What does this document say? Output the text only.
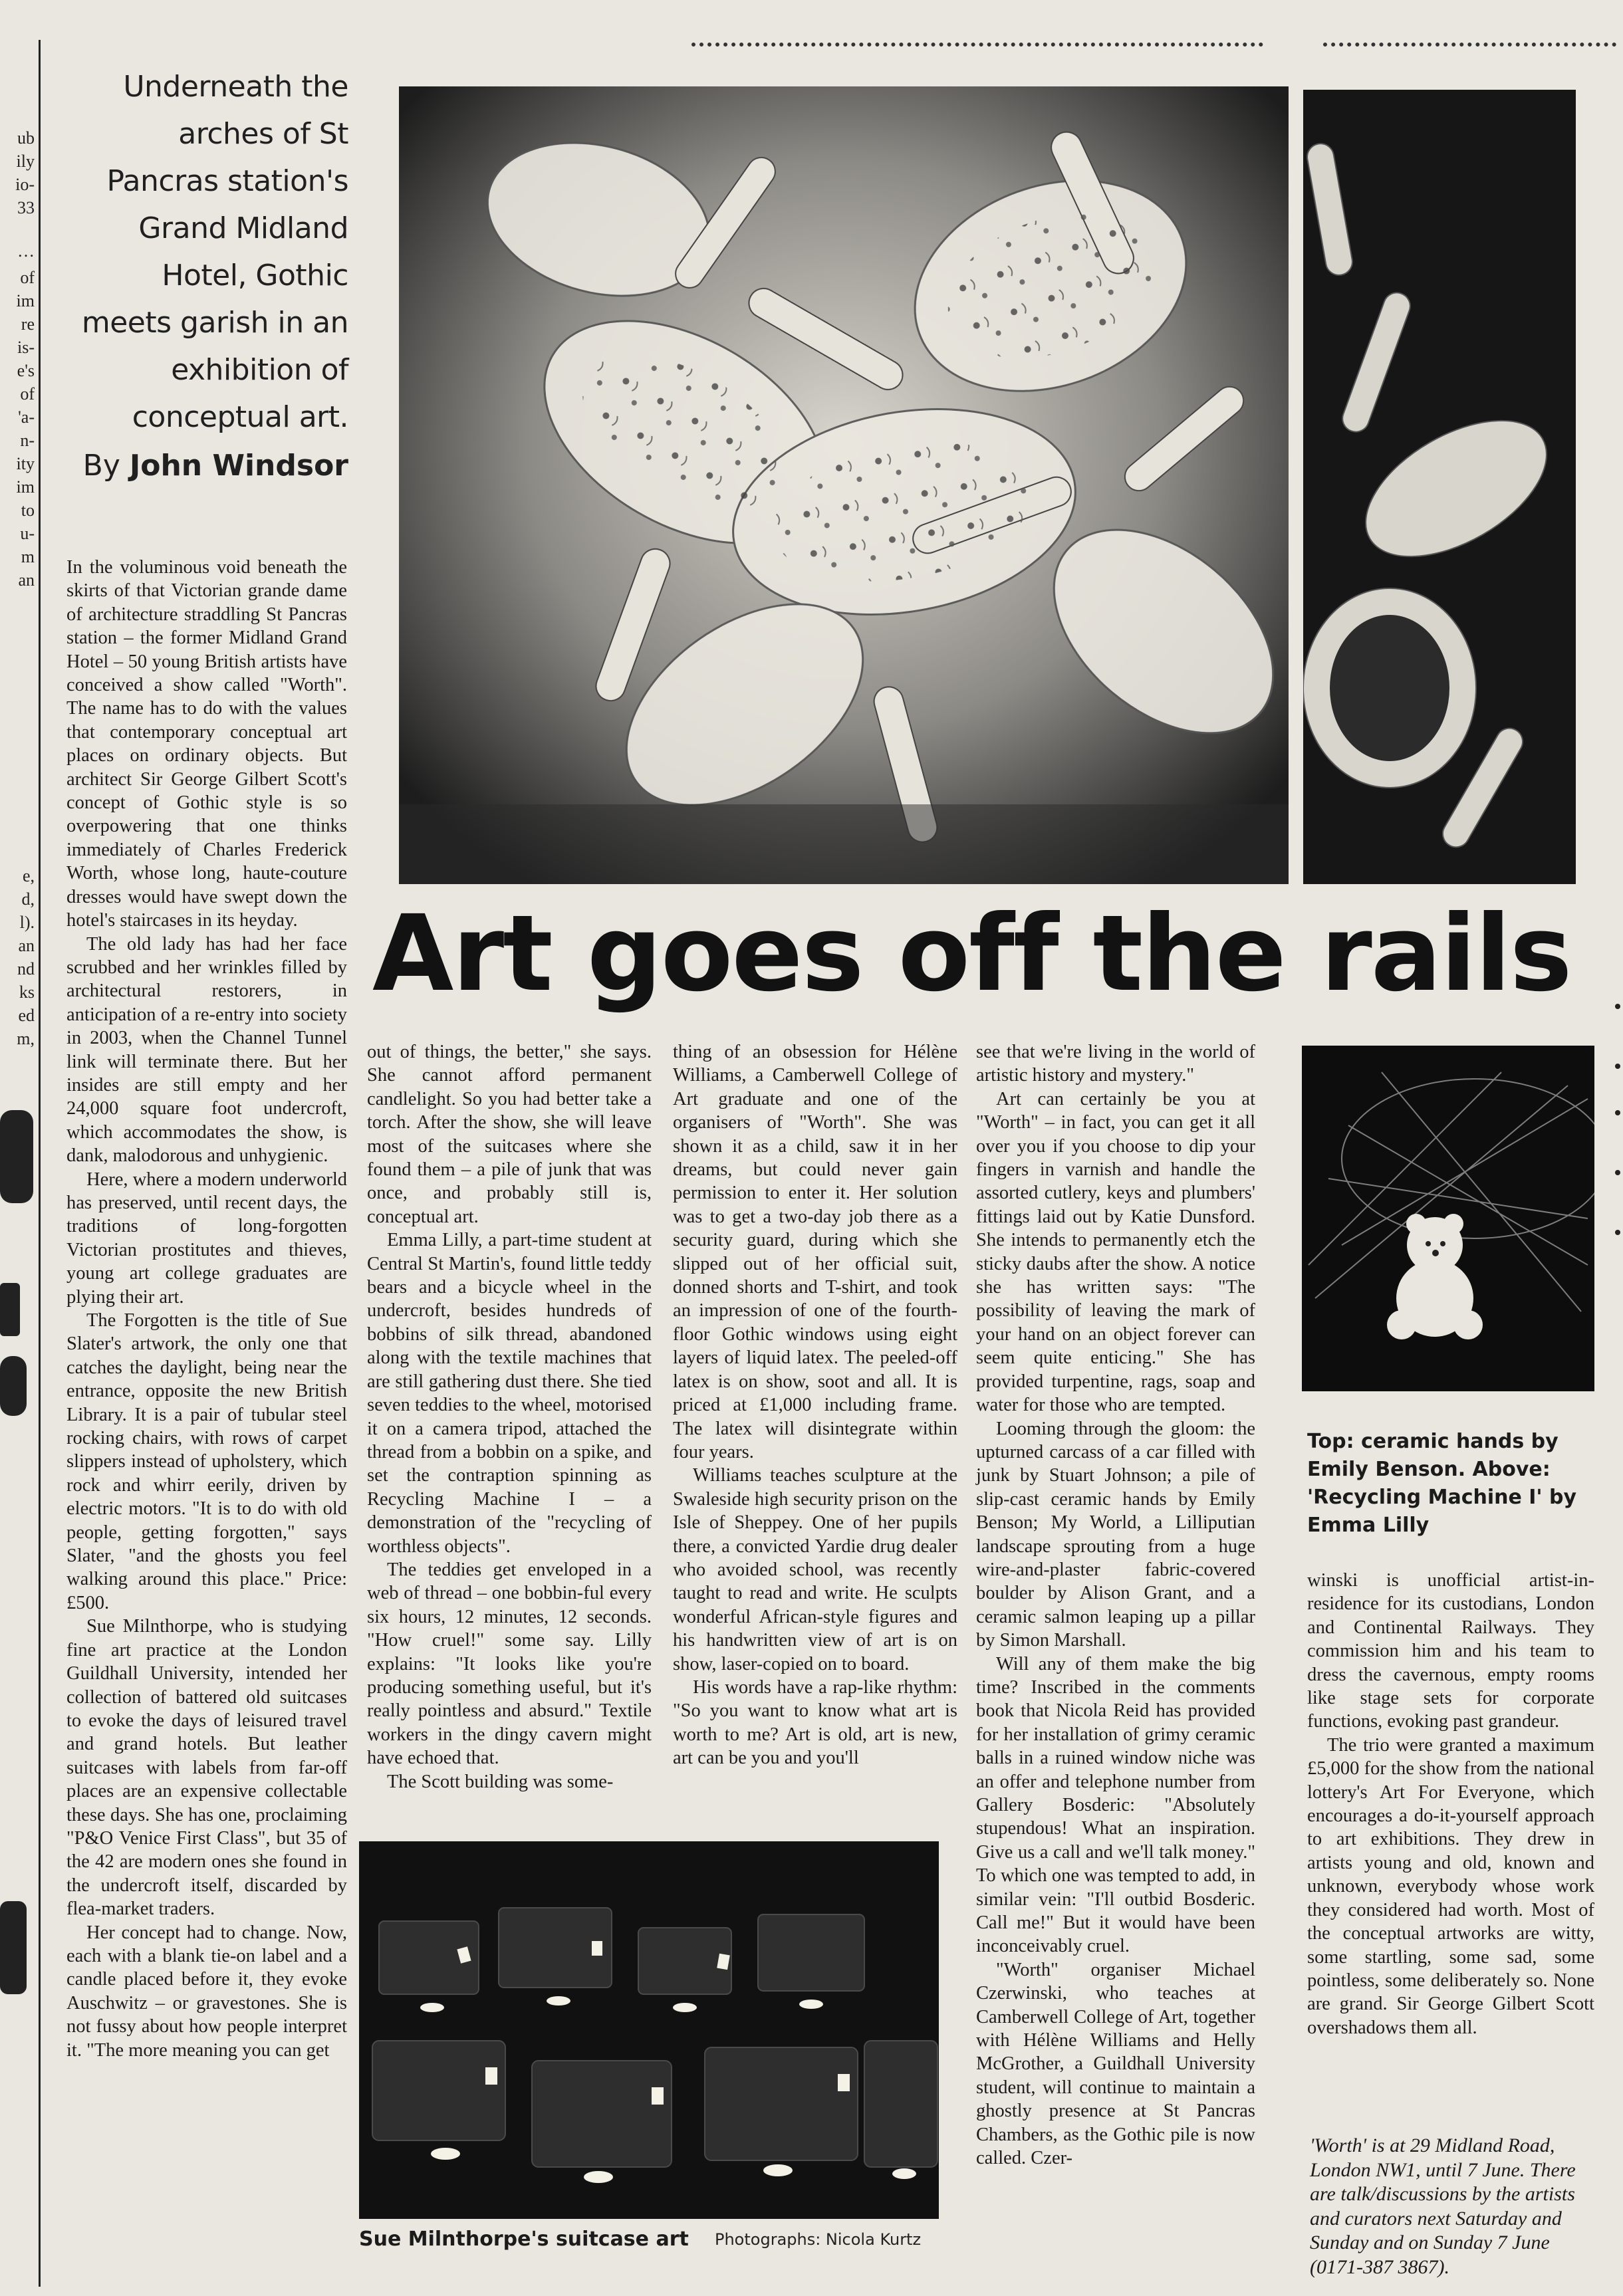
ub
ily
io-
33
…
of
im
re
is-
e's
of
'a-
n-
ity
im
to
u-
m
an
e,
d,
l).
an
nd
ks
ed
m,
Underneath the arches of St Pancras station's Grand Midland Hotel, Gothic meets garish in an exhibition of conceptual art.
By John Windsor
Art goes off the rails

In the voluminous void beneath the skirts of that Victorian grande dame of architecture straddling St Pancras station – the former Midland Grand Hotel – 50 young British artists have conceived a show called "Worth". The name has to do with the values that contemporary conceptual art places on ordinary objects. But architect Sir George Gilbert Scott's concept of Gothic style is so overpowering that one thinks immediately of Charles Frederick Worth, whose long, haute-couture dresses would have swept down the hotel's staircases in its heyday.

The old lady has had her face scrubbed and her wrinkles filled by architectural restorers, in anticipation of a re-entry into society in 2003, when the Channel Tunnel link will terminate there. But her insides are still empty and her 24,000 square foot undercroft, which accommodates the show, is dank, malodorous and unhygienic.

Here, where a modern underworld has preserved, until recent days, the traditions of long-forgotten Victorian prostitutes and thieves, young art college graduates are plying their art.

The Forgotten is the title of Sue Slater's artwork, the only one that catches the daylight, being near the entrance, opposite the new British Library. It is a pair of tubular steel rocking chairs, with rows of carpet slippers instead of upholstery, which rock and whirr eerily, driven by electric motors. "It is to do with old people, getting forgotten," says Slater, "and the ghosts you feel walking around this place." Price: £500.

Sue Milnthorpe, who is studying fine art practice at the London Guildhall University, intended her collection of battered old suitcases to evoke the days of leisured travel and grand hotels. But leather suitcases with labels from far-off places are an expensive collectable these days. She has one, proclaiming "P&O Venice First Class", but 35 of the 42 are modern ones she found in the undercroft itself, discarded by flea-market traders.

Her concept had to change. Now, each with a blank tie-on label and a candle placed before it, they evoke Auschwitz – or gravestones. She is not fussy about how people interpret it. "The more meaning you can get

out of things, the better," she says. She cannot afford permanent candlelight. So you had better take a torch. After the show, she will leave most of the suitcases where she found them – a pile of junk that was once, and probably still is, conceptual art.

Emma Lilly, a part-time student at Central St Martin's, found little teddy bears and a bicycle wheel in the undercroft, besides hundreds of bobbins of silk thread, abandoned along with the textile machines that are still gathering dust there. She tied seven teddies to the wheel, motorised it on a camera tripod, attached the thread from a bobbin on a spike, and set the contraption spinning as Recycling Machine I – a demonstration of the "recycling of worthless objects".

The teddies get enveloped in a web of thread – one bobbin-ful every six hours, 12 minutes, 12 seconds. "How cruel!" some say. Lilly explains: "It looks like you're producing something useful, but it's really pointless and absurd." Textile workers in the dingy cavern might have echoed that.

The Scott building was some-

thing of an obsession for Hélène Williams, a Camberwell College of Art graduate and one of the organisers of "Worth". She was shown it as a child, saw it in her dreams, but could never gain permission to enter it. Her solution was to get a two-day job there as a security guard, during which she slipped out of her official suit, donned shorts and T-shirt, and took an impression of one of the fourth-floor Gothic windows using eight layers of liquid latex. The peeled-off latex is on show, soot and all. It is priced at £1,000 including frame. The latex will disintegrate within four years.

Williams teaches sculpture at the Swaleside high security prison on the Isle of Sheppey. One of her pupils there, a convicted Yardie drug dealer who avoided school, was recently taught to read and write. He sculpts wonderful African-style figures and his handwritten view of art is on show, laser-copied on to board.

His words have a rap-like rhythm: "So you want to know what art is worth to me? Art is old, art is new, art can be you and you'll

Sue Milnthorpe's suitcase art Photographs: Nicola Kurtz

see that we're living in the world of artistic history and mystery."

Art can certainly be you at "Worth" – in fact, you can get it all over you if you choose to dip your fingers in varnish and handle the assorted cutlery, keys and plumbers' fittings laid out by Katie Dunsford. She intends to permanently etch the sticky daubs after the show. A notice she has written says: "The possibility of leaving the mark of your hand on an object forever can seem quite enticing." She has provided turpentine, rags, soap and water for those who are tempted.

Looming through the gloom: the upturned carcass of a car filled with junk by Stuart Johnson; a pile of slip-cast ceramic hands by Emily Benson; My World, a Lilliputian landscape sprouting from a huge wire-and-plaster fabric-covered boulder by Alison Grant, and a ceramic salmon leaping up a pillar by Simon Marshall.

Will any of them make the big time? Inscribed in the comments book that Nicola Reid has provided for her installation of grimy ceramic balls in a ruined window niche was an offer and telephone number from Gallery Bosderic: "Absolutely stupendous! What an inspiration. Give us a call and we'll talk money." To which one was tempted to add, in similar vein: "I'll outbid Bosderic. Call me!" But it would have been inconceivably cruel.

"Worth" organiser Michael Czerwinski, who teaches at Camberwell College of Art, together with Hélène Williams and Helly McGrother, a Guildhall University student, will continue to maintain a ghostly presence at St Pancras Chambers, as the Gothic pile is now called. Czer-

Top: ceramic hands by Emily Benson. Above: 'Recycling Machine I' by Emma Lilly

winski is unofficial artist-in-residence for its custodians, London and Continental Railways. They commission him and his team to dress the cavernous, empty rooms like stage sets for corporate functions, evoking past grandeur.

The trio were granted a maximum £5,000 for the show from the national lottery's Art For Everyone, which encourages a do-it-yourself approach to art exhibitions. They drew in artists young and old, known and unknown, everybody whose work they considered had worth. Most of the conceptual artworks are witty, some startling, some sad, some pointless, some deliberately so. None are grand. Sir George Gilbert Scott overshadows them all.

'Worth' is at 29 Midland Road, London NW1, until 7 June. There are talk/discussions by the artists and curators next Saturday and Sunday and on Sunday 7 June (0171-387 3867).
